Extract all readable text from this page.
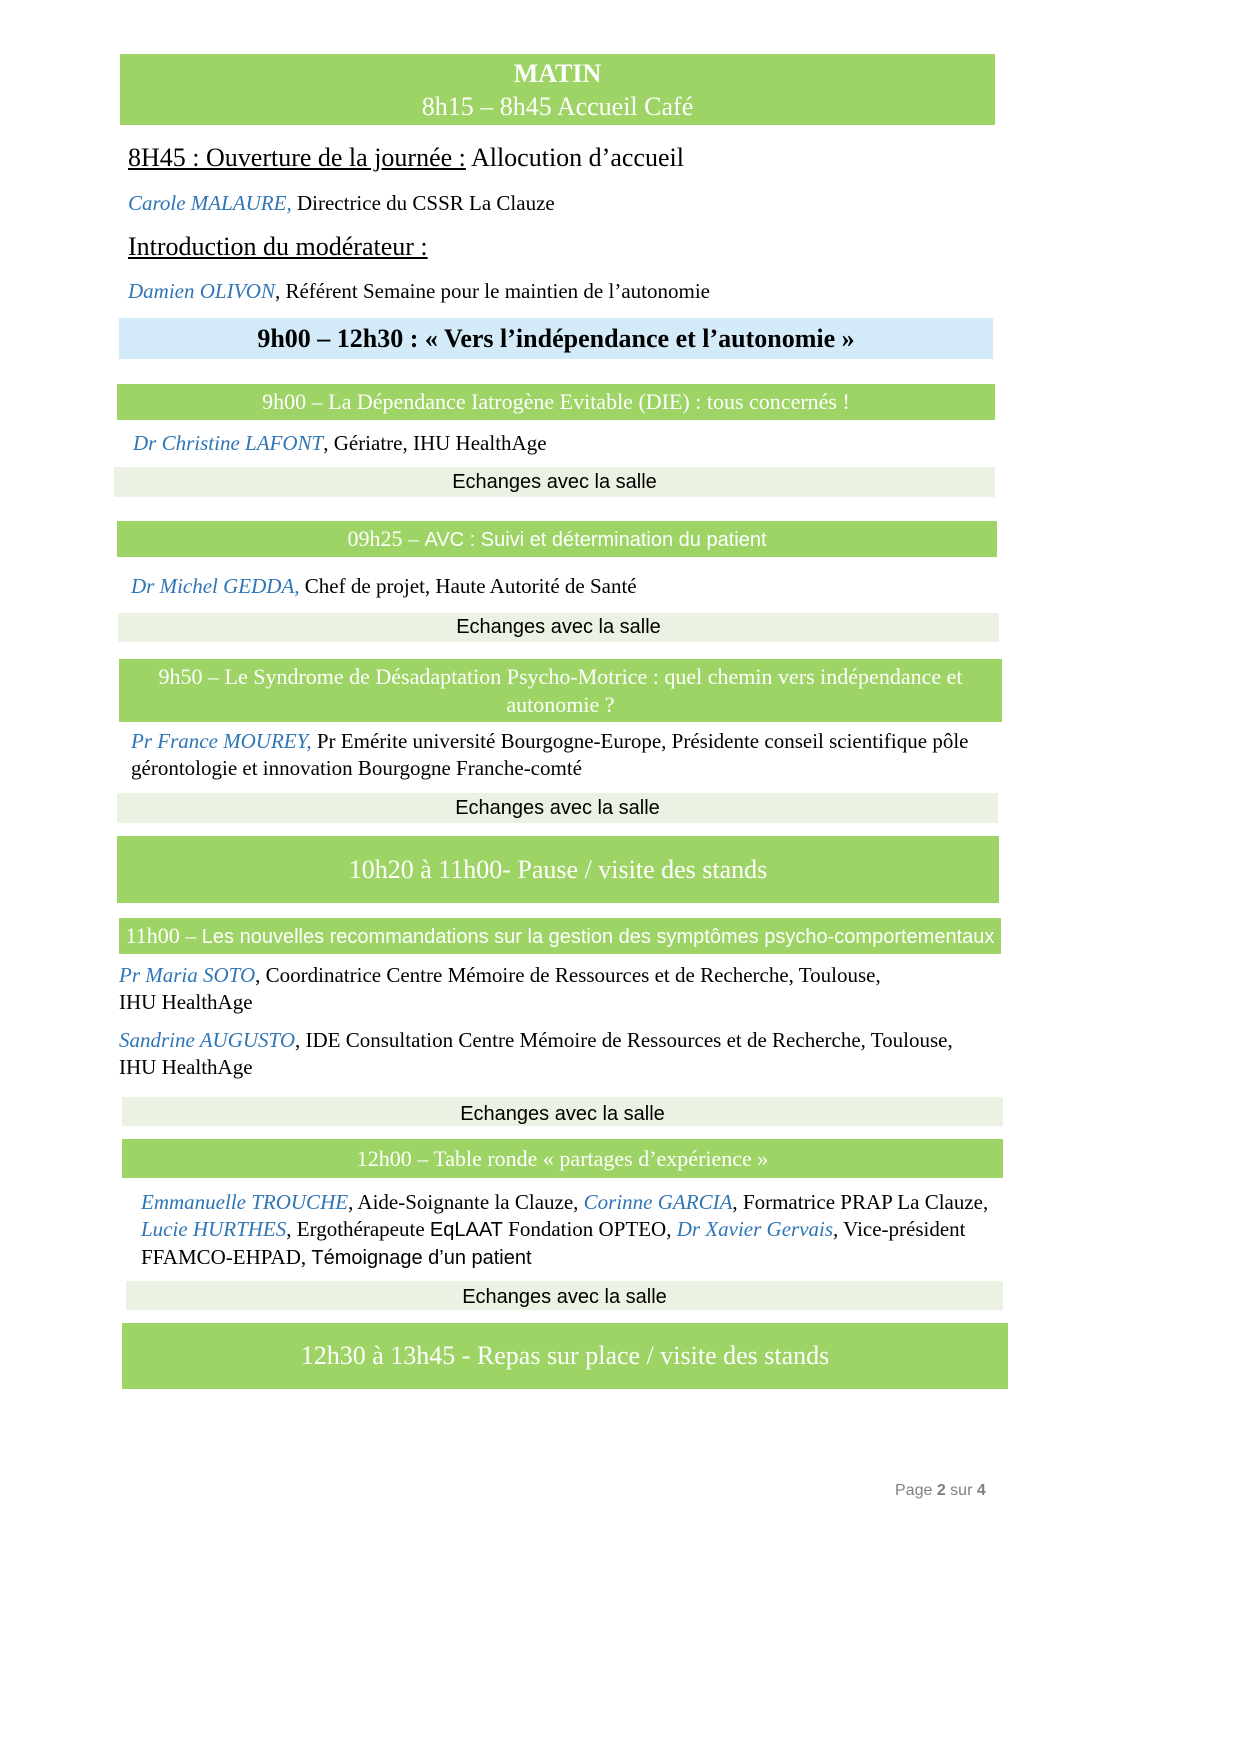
MATIN
8h15 – 8h45 Accueil Café
8H45 : Ouverture de la journée : Allocution d’accueil
Carole MALAURE, Directrice du CSSR La Clauze
Introduction du modérateur :
Damien OLIVON, Référent Semaine pour le maintien de l’autonomie
9h00 – 12h30 : « Vers l’indépendance et l’autonomie »
9h00 – La Dépendance Iatrogène Evitable (DIE) : tous concernés !
Dr Christine LAFONT, Gériatre, IHU HealthAge
Echanges avec la salle
09h25 – AVC : Suivi et détermination du patient
Dr Michel GEDDA, Chef de projet, Haute Autorité de Santé
Echanges avec la salle
9h50 – Le Syndrome de Désadaptation Psycho-Motrice : quel chemin vers indépendance et
autonomie ?
Pr France MOUREY, Pr Emérite université Bourgogne-Europe, Présidente conseil scientifique pôle
gérontologie et innovation Bourgogne Franche-comté
Echanges avec la salle
10h20 à 11h00- Pause / visite des stands
11h00 – Les nouvelles recommandations sur la gestion des symptômes psycho-comportementaux
Pr Maria SOTO, Coordinatrice Centre Mémoire de Ressources et de Recherche, Toulouse,
IHU HealthAge
Sandrine AUGUSTO, IDE Consultation Centre Mémoire de Ressources et de Recherche, Toulouse,
IHU HealthAge
Echanges avec la salle
12h00 – Table ronde « partages d’expérience »
Emmanuelle TROUCHE, Aide-Soignante la Clauze, Corinne GARCIA, Formatrice PRAP La Clauze,
Lucie HURTHES, Ergothérapeute EqLAAT Fondation OPTEO, Dr Xavier Gervais, Vice-président
FFAMCO-EHPAD, Témoignage d’un patient
Echanges avec la salle
12h30 à 13h45 - Repas sur place / visite des stands
Page 2 sur 4
